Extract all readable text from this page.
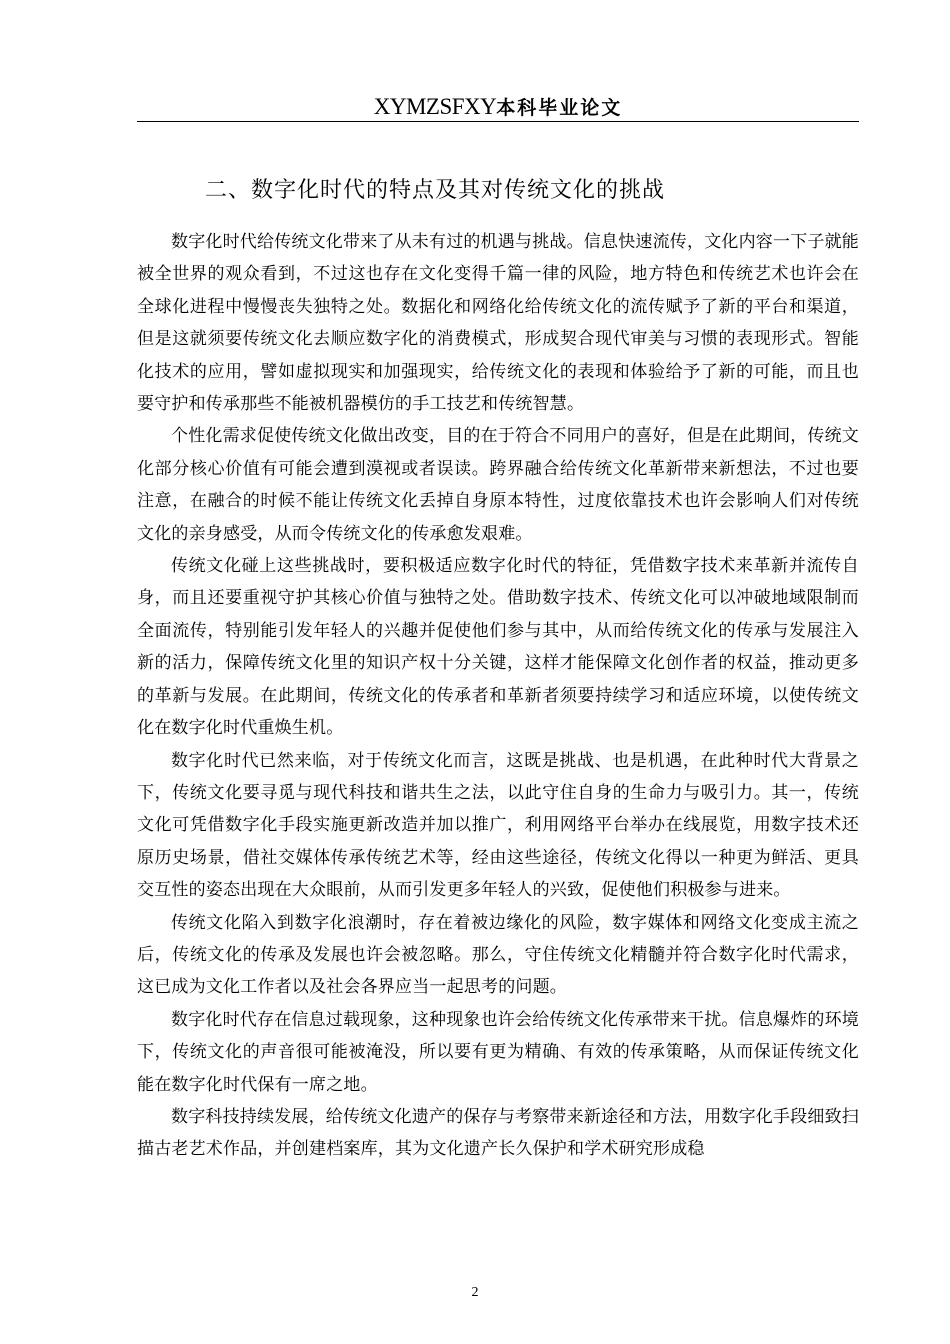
XYMZSFXY本科毕业论文
二、数字化时代的特点及其对传统文化的挑战

数字化时代给传统文化带来了从未有过的机遇与挑战。信息快速流传，文化内容一下子就能被全世界的观众看到，不过这也存在文化变得千篇一律的风险，地方特色和传统艺术也许会在全球化进程中慢慢丧失独特之处。数据化和网络化给传统文化的流传赋予了新的平台和渠道，但是这就须要传统文化去顺应数字化的消费模式，形成契合现代审美与习惯的表现形式。智能化技术的应用，譬如虚拟现实和加强现实，给传统文化的表现和体验给予了新的可能，而且也要守护和传承那些不能被机器模仿的手工技艺和传统智慧。

个性化需求促使传统文化做出改变，目的在于符合不同用户的喜好，但是在此期间，传统文化部分核心价值有可能会遭到漠视或者误读。跨界融合给传统文化革新带来新想法，不过也要注意，在融合的时候不能让传统文化丢掉自身原本特性，过度依靠技术也许会影响人们对传统文化的亲身感受，从而令传统文化的传承愈发艰难。

传统文化碰上这些挑战时，要积极适应数字化时代的特征，凭借数字技术来革新并流传自身，而且还要重视守护其核心价值与独特之处。借助数字技术、传统文化可以冲破地域限制而全面流传，特别能引发年轻人的兴趣并促使他们参与其中，从而给传统文化的传承与发展注入新的活力，保障传统文化里的知识产权十分关键，这样才能保障文化创作者的权益，推动更多的革新与发展。在此期间，传统文化的传承者和革新者须要持续学习和适应环境，以使传统文化在数字化时代重焕生机。

数字化时代已然来临，对于传统文化而言，这既是挑战、也是机遇，在此种时代大背景之下，传统文化要寻觅与现代科技和谐共生之法，以此守住自身的生命力与吸引力。其一，传统文化可凭借数字化手段实施更新改造并加以推广，利用网络平台举办在线展览，用数字技术还原历史场景，借社交媒体传承传统艺术等，经由这些途径，传统文化得以一种更为鲜活、更具交互性的姿态出现在大众眼前，从而引发更多年轻人的兴致，促使他们积极参与进来。

传统文化陷入到数字化浪潮时，存在着被边缘化的风险，数字媒体和网络文化变成主流之后，传统文化的传承及发展也许会被忽略。那么，守住传统文化精髓并符合数字化时代需求，这已成为文化工作者以及社会各界应当一起思考的问题。

数字化时代存在信息过载现象，这种现象也许会给传统文化传承带来干扰。信息爆炸的环境下，传统文化的声音很可能被淹没，所以要有更为精确、有效的传承策略，从而保证传统文化能在数字化时代保有一席之地。

数字科技持续发展，给传统文化遗产的保存与考察带来新途径和方法，用数字化手段细致扫描古老艺术作品，并创建档案库，其为文化遗产长久保护和学术研究形成稳

2
